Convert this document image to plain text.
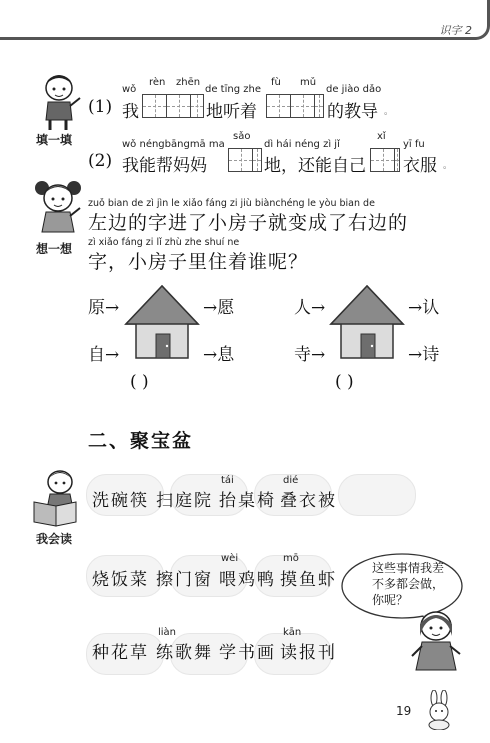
识字 2
填一填
wǒ
rèn zhēn
de tīng zhe
fù mǔ
de jiào dǎo
(1) 我	地听着	的教导 。
wǒ néngbāngmā ma
sǎo
dì hái néng zì jǐ
xǐ
yī fu
(2) 我能帮妈妈	地，还能自己 衣服 。
想一想
zuǒ bian de zì jìn le xiǎo fáng zi jiù biànchéng le yòu bian de
左边的字进了小房子就变成了右边的
zì xiǎo fáng zi lǐ zhù zhe shuí ne
字，小房子里住着谁呢？
原→
自→
→愿
→息
( )
人→
寺→
→认
→诗
( )
二、聚宝盆
我会读
洗碗筷 扫庭院
tái
抬桌椅
dié
叠衣被
烧饭菜 擦门窗
wèi
喂鸡鸭
mō
摸鱼虾
种花草
liàn
练歌舞 学书画
kān
读报刊
这些事情我差不多都会做，你呢？
19
